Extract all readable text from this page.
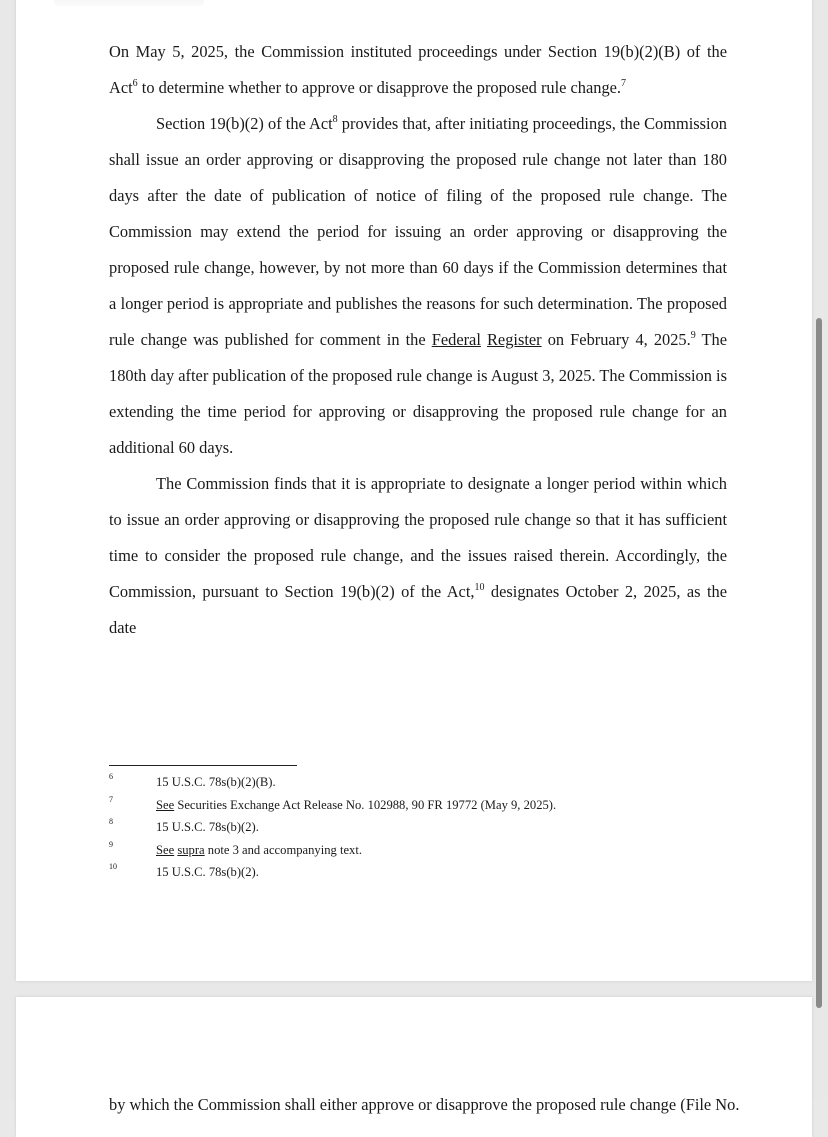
On May 5, 2025, the Commission instituted proceedings under Section 19(b)(2)(B) of the Act$^6$ to determine whether to approve or disapprove the proposed rule change.$^7$

Section 19(b)(2) of the Act$^8$ provides that, after initiating proceedings, the Commission shall issue an order approving or disapproving the proposed rule change not later than 180 days after the date of publication of notice of filing of the proposed rule change. The Commission may extend the period for issuing an order approving or disapproving the proposed rule change, however, by not more than 60 days if the Commission determines that a longer period is appropriate and publishes the reasons for such determination. The proposed rule change was published for comment in the Federal Register on February 4, 2025.$^9$ The 180th day after publication of the proposed rule change is August 3, 2025. The Commission is extending the time period for approving or disapproving the proposed rule change for an additional 60 days.

The Commission finds that it is appropriate to designate a longer period within which to issue an order approving or disapproving the proposed rule change so that it has sufficient time to consider the proposed rule change, and the issues raised therein. Accordingly, the Commission, pursuant to Section 19(b)(2) of the Act,$^{10}$ designates October 2, 2025, as the date

6	15 U.S.C. 78s(b)(2)(B).
7	See Securities Exchange Act Release No. 102988, 90 FR 19772 (May 9, 2025).
8	15 U.S.C. 78s(b)(2).
9	See supra note 3 and accompanying text.
10	15 U.S.C. 78s(b)(2).
by which the Commission shall either approve or disapprove the proposed rule change (File No.
